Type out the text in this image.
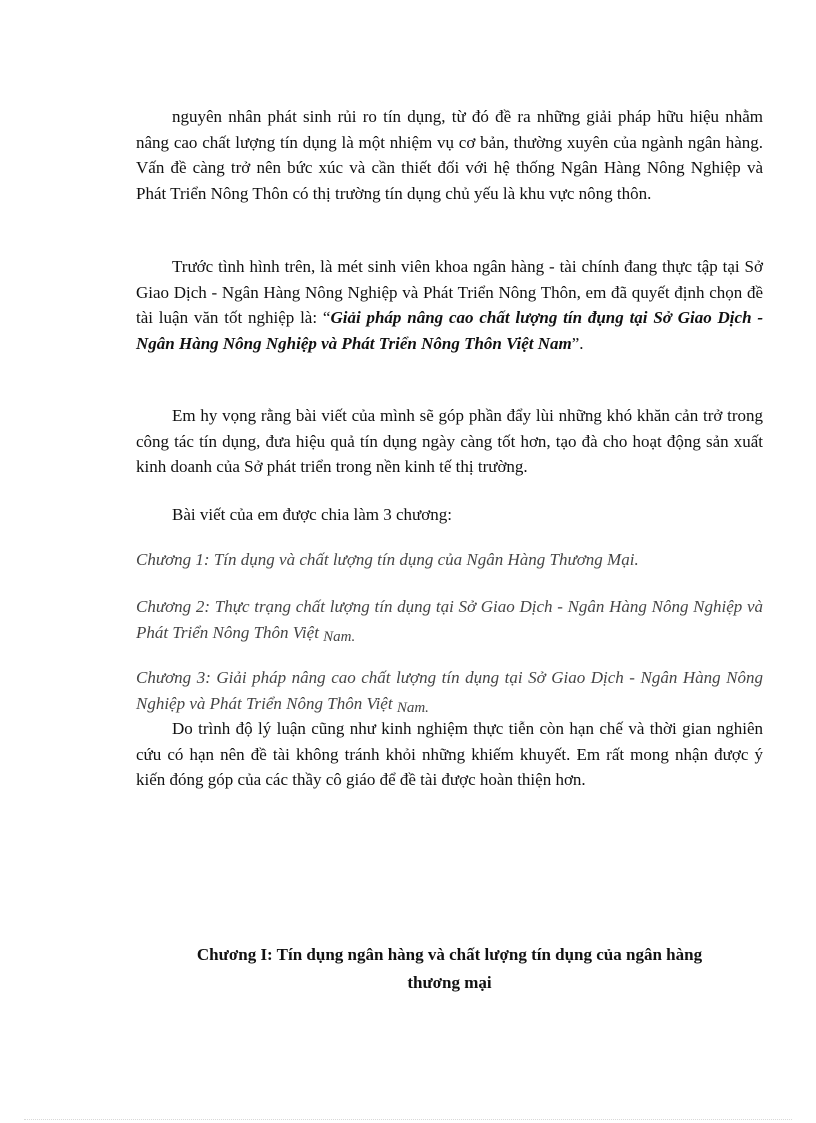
nguyên nhân phát sinh rủi ro tín dụng, từ đó đề ra những giải pháp hữu hiệu nhằm nâng cao chất lượng tín dụng là một nhiệm vụ cơ bản, thường xuyên của ngành ngân hàng. Vấn đề càng trở nên bức xúc và cần thiết đối với hệ thống Ngân Hàng Nông Nghiệp và Phát Triển Nông Thôn có thị trường tín dụng chủ yếu là khu vực nông thôn.

Trước tình hình trên, là mét sinh viên khoa ngân hàng - tài chính đang thực tập tại Sở Giao Dịch - Ngân Hàng Nông Nghiệp và Phát Triển Nông Thôn, em đã quyết định chọn đề tài luận văn tốt nghiệp là: “Giải pháp nâng cao chất lượng tín đụng tại Sở Giao Dịch - Ngân Hàng Nông Nghiệp và Phát Triển Nông Thôn Việt Nam”.

Em hy vọng rằng bài viết của mình sẽ góp phần đẩy lùi những khó khăn cản trở trong công tác tín dụng, đưa hiệu quả tín dụng ngày càng tốt hơn, tạo đà cho hoạt động sản xuất kinh doanh của Sở phát triển trong nền kinh tế thị trường.

Bài viết của em được chia làm 3 chương:

Chương 1: Tín dụng và chất lượng tín dụng của Ngân Hàng Thương Mại.

Chương 2: Thực trạng chất lượng tín dụng tại Sở Giao Dịch - Ngân Hàng Nông Nghiệp và Phát Triển Nông Thôn Việt Nam.

Chương 3: Giải pháp nâng cao chất lượng tín dụng tại Sở Giao Dịch - Ngân Hàng Nông Nghiệp và Phát Triển Nông Thôn Việt Nam.

Do trình độ lý luận cũng như kinh nghiệm thực tiễn còn hạn chế và thời gian nghiên cứu có hạn nên đề tài không tránh khỏi những khiếm khuyết. Em rất mong nhận được ý kiến đóng góp của các thầy cô giáo để đề tài được hoàn thiện hơn.

Chương I: Tín dụng ngân hàng và chất lượng tín dụng của ngân hàng
thương mại
